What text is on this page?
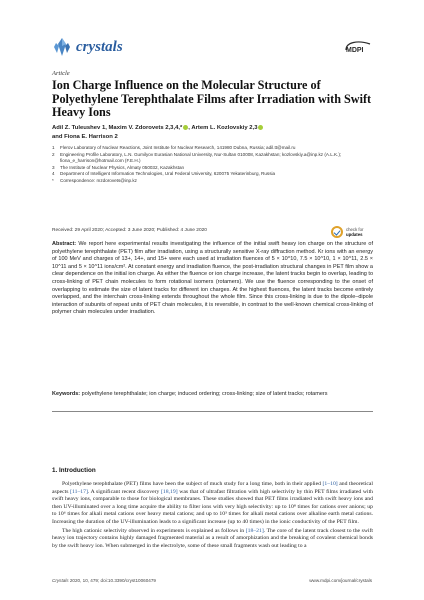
crystals	MDPI
Article
Ion Charge Influence on the Molecular Structure of Polyethylene Terephthalate Films after Irradiation with Swift Heavy Ions
Adil Z. Tuleushev 1, Maxim V. Zdorovets 2,3,4,* , Artem L. Kozlovskiy 2,3
and Fiona E. Harrison 2
1	Flerov Laboratory of Nuclear Reactions, Joint Institute for Nuclear Research, 141980 Dubna, Russia; adil.tt@mail.ru
2	Engineering Profile Laboratory, L.N. Gumilyov Eurasian National University, Nur-Sultan 010008, Kazakhstan; kozlovskiy.a@inp.kz (A.L.K.); fiona_e_harrison@hotmail.com (F.E.H.)
3	The Institute of Nuclear Physics, Almaty 050032, Kazakhstan
4	Department of Intelligent Information Technologies, Ural Federal University, 620075 Yekaterinburg, Russia
*	Correspondence: mzdorovets@inp.kz
Received: 29 April 2020; Accepted: 3 June 2020; Published: 4 June 2020	check for
updates
Abstract: We report here experimental results investigating the influence of the initial swift heavy ion charge on the structure of polyethylene terephthalate (PET) film after irradiation, using a structurally sensitive X-ray diffraction method. Kr ions with an energy of 100 MeV and charges of 13+, 14+, and 15+ were each used at irradiation fluences of 5 × 10^10, 7.5 × 10^10, 1 × 10^11, 2.5 × 10^11 and 5 × 10^11 ions/cm². At constant energy and irradiation fluence, the post-irradiation structural changes in PET film show a clear dependence on the initial ion charge. As either the fluence or ion charge increase, the latent tracks begin to overlap, leading to cross-linking of PET chain molecules to form rotational isomers (rotamers). We use the fluence corresponding to the onset of overlapping to estimate the size of latent tracks for different ion charges. At the highest fluences, the latent tracks become entirely overlapped, and the interchain cross-linking extends throughout the whole film. Since this cross-linking is due to the dipole–dipole interaction of subunits of repeat units of PET chain molecules, it is reversible, in contrast to the well-known chemical cross-linking of polymer chain molecules under irradiation.
Keywords: polyethylene terephthalate; ion charge; induced ordering; cross-linking; size of latent tracks; rotamers
1. Introduction

Polyethylene terephthalate (PET) films have been the subject of much study for a long time, both in their applied [1–10] and theoretical aspects [11–17]. A significant recent discovery [18,19] was that of ultrafast filtration with high selectivity by thin PET films irradiated with swift heavy ions, comparable to those for biological membranes. These studies showed that PET films irradiated with swift heavy ions and then UV-illuminated over a long time acquire the ability to filter ions with very high selectivity: up to 10⁸ times for cations over anions; up to 10⁶ times for alkali metal cations over heavy metal cations; and up to 10³ times for alkali metal cations over alkaline earth metal cations. Increasing the duration of the UV-illumination leads to a significant increase (up to 40 times) in the ionic conductivity of the PET film.

The high cationic selectivity observed in experiments is explained as follows in [18–21]. The core of the latent track closest to the swift heavy ion trajectory contains highly damaged fragmented material as a result of amorphization and the breaking of covalent chemical bonds by the swift heavy ion. When submerged in the electrolyte, some of these small fragments wash out leading to a

Crystals 2020, 10, 479; doi:10.3390/cryst10060479	www.mdpi.com/journal/crystals
